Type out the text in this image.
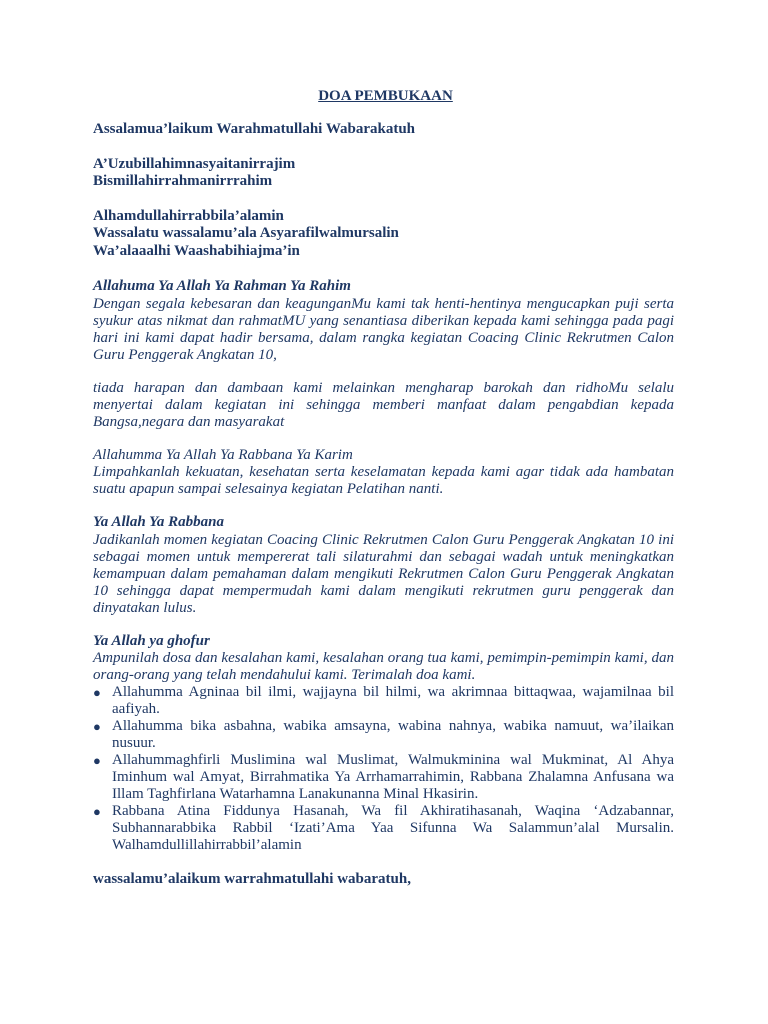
DOA PEMBUKAAN

Assalamua’laikum Warahmatullahi Wabarakatuh

A’Uzubillahimnasyaitanirrajim

Bismillahirrahmanirrrahim

Alhamdullahirrabbila’alamin

Wassalatu wassalamu’ala Asyarafilwalmursalin

Wa’alaaalhi Waashabihiajma’in

Allahuma Ya Allah Ya Rahman Ya Rahim

Dengan segala kebesaran dan keagunganMu kami tak henti-hentinya mengucapkan puji serta syukur atas nikmat dan rahmatMU yang senantiasa diberikan kepada kami sehingga pada pagi hari ini kami dapat hadir bersama, dalam rangka kegiatan Coacing Clinic Rekrutmen Calon Guru Penggerak Angkatan 10,

tiada harapan dan dambaan kami melainkan mengharap barokah dan ridhoMu selalu menyertai dalam kegiatan ini sehingga memberi manfaat dalam pengabdian kepada Bangsa,negara dan masyarakat

Allahumma Ya Allah Ya Rabbana Ya Karim

Limpahkanlah kekuatan, kesehatan serta keselamatan kepada kami agar tidak ada hambatan suatu apapun sampai selesainya kegiatan Pelatihan nanti.

Ya Allah Ya Rabbana

Jadikanlah momen kegiatan Coacing Clinic Rekrutmen Calon Guru Penggerak Angkatan 10 ini sebagai momen untuk mempererat tali silaturahmi dan sebagai wadah untuk meningkatkan kemampuan dalam pemahaman dalam mengikuti Rekrutmen Calon Guru Penggerak Angkatan 10 sehingga dapat mempermudah kami dalam mengikuti rekrutmen guru penggerak dan dinyatakan lulus.

Ya Allah ya ghofur

Ampunilah dosa dan kesalahan kami, kesalahan orang tua kami, pemimpin-pemimpin kami, dan orang-orang yang telah mendahului kami. Terimalah doa kami.

● Allahumma Agninaa bil ilmi, wajjayna bil hilmi, wa akrimnaa bittaqwaa, wajamilnaa bil aafiyah.
● Allahumma bika asbahna, wabika amsayna, wabina nahnya, wabika namuut, wa’ilaikan nusuur.
● Allahummaghfirli Muslimina wal Muslimat, Walmukminina wal Mukminat, Al Ahya Iminhum wal Amyat, Birrahmatika Ya Arrhamarrahimin, Rabbana Zhalamna Anfusana wa Illam Taghfirlana Watarhamna Lanakunanna Minal Hkasirin.
● Rabbana Atina Fiddunya Hasanah, Wa fil Akhiratihasanah, Waqina ‘Adzabannar, Subhannarabbika Rabbil ‘Izati’Ama Yaa Sifunna Wa Salammun’alal Mursalin. Walhamdullillahirrabbil’alamin

wassalamu’alaikum warrahmatullahi wabaratuh,
